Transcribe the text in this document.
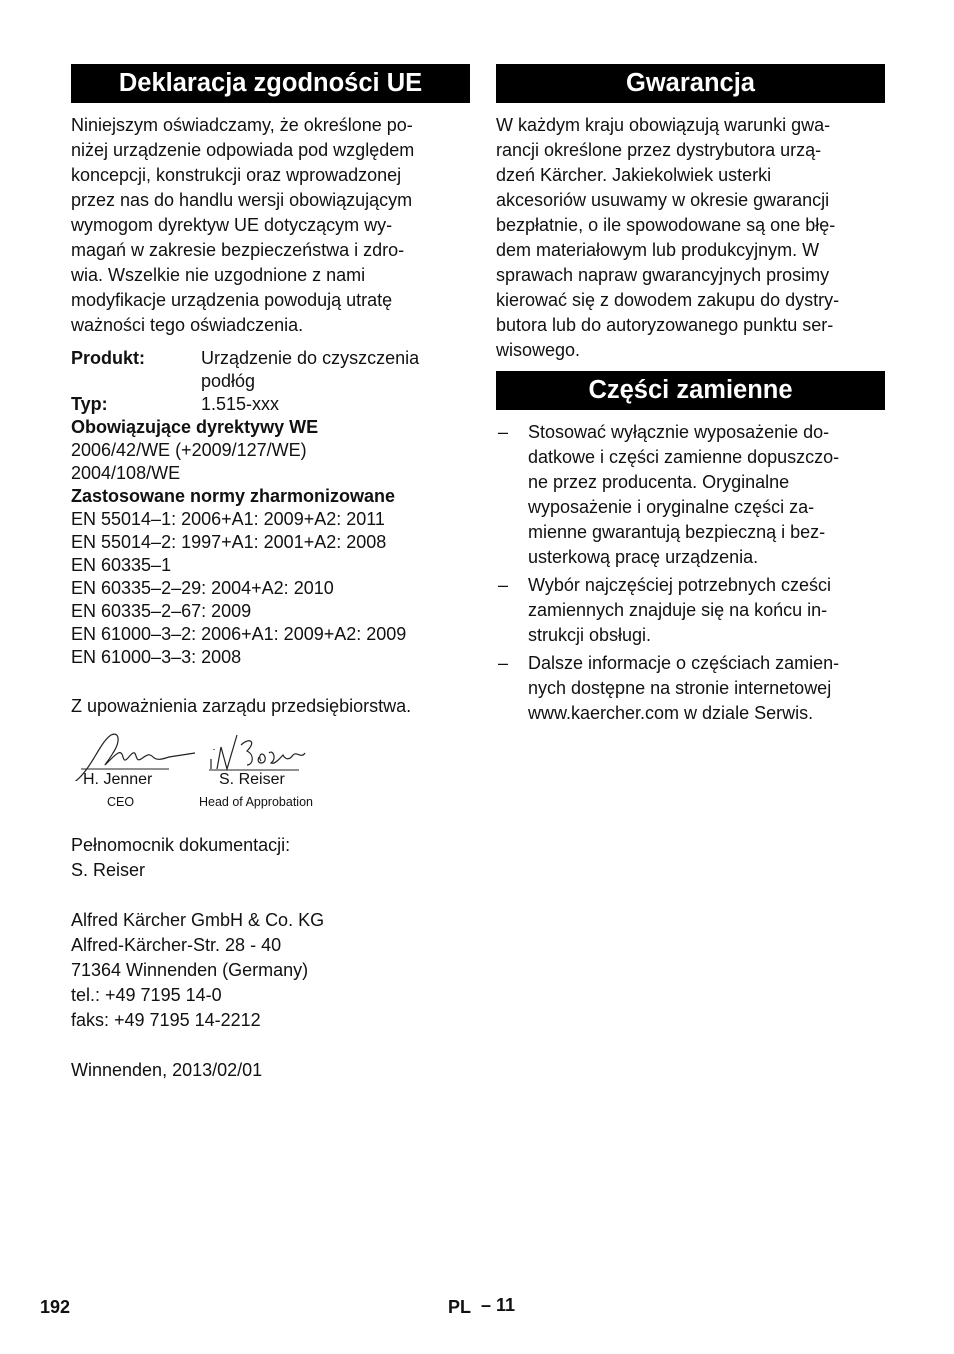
Deklaracja zgodności UE

Niniejszym oświadczamy, że określone po-
niżej urządzenie odpowiada pod względem
koncepcji, konstrukcji oraz wprowadzonej
przez nas do handlu wersji obowiązującym
wymogom dyrektyw UE dotyczącym wy-
magań w zakresie bezpieczeństwa i zdro-
wia. Wszelkie nie uzgodnione z nami
modyfikacje urządzenia powodują utratę
ważności tego oświadczenia.

Produkt:	Urządzenie do czyszczenia
podłóg
Typ:	1.515-xxx
Obowiązujące dyrektywy WE
2006/42/WE (+2009/127/WE)
2004/108/WE
Zastosowane normy zharmonizowane
EN 55014–1: 2006+A1: 2009+A2: 2011
EN 55014–2: 1997+A1: 2001+A2: 2008
EN 60335–1
EN 60335–2–29: 2004+A2: 2010
EN 60335–2–67: 2009
EN 61000–3–2: 2006+A1: 2009+A2: 2009
EN 61000–3–3: 2008
Z upoważnienia zarządu przedsiębiorstwa.
H. Jenner	S. Reiser
CEO	Head of Approbation
Pełnomocnik dokumentacji:
S. Reiser
Alfred Kärcher GmbH & Co. KG
Alfred-Kärcher-Str. 28 - 40
71364 Winnenden (Germany)
tel.: +49 7195 14-0
faks: +49 7195 14-2212
Winnenden, 2013/02/01
Gwarancja

W każdym kraju obowiązują warunki gwa-
rancji określone przez dystrybutora urzą-
dzeń Kärcher. Jakiekolwiek usterki
akcesoriów usuwamy w okresie gwarancji
bezpłatnie, o ile spowodowane są one błę-
dem materiałowym lub produkcyjnym. W
sprawach napraw gwarancyjnych prosimy
kierować się z dowodem zakupu do dystry-
butora lub do autoryzowanego punktu ser-
wisowego.

Części zamienne
– Stosować wyłącznie wyposażenie do-
datkowe i części zamienne dopuszczo-
ne przez producenta. Oryginalne
wyposażenie i oryginalne części za-
mienne gwarantują bezpieczną i bez-
usterkową pracę urządzenia.
– Wybór najczęściej potrzebnych cześci
zamiennych znajduje się na końcu in-
strukcji obsługi.
– Dalsze informacje o częściach zamien-
nych dostępne na stronie internetowej
www.kaercher.com w dziale Serwis.
192	PL – 11
